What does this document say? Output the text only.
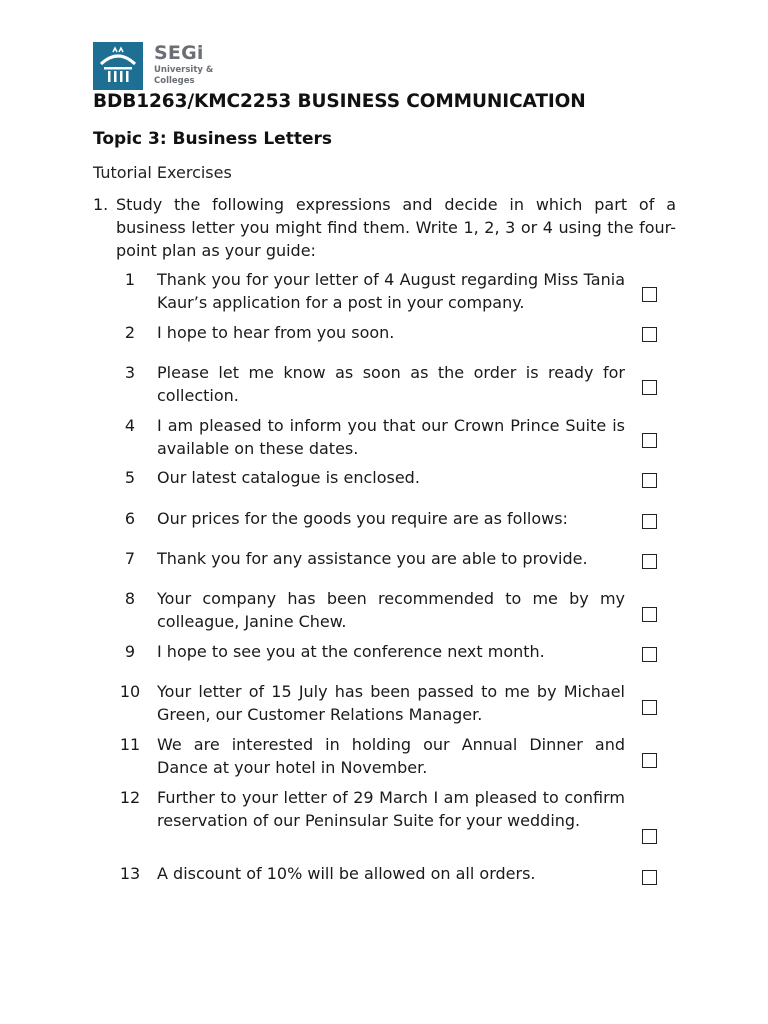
SEGi
University &
Colleges
BDB1263/KMC2253 BUSINESS COMMUNICATION
Topic 3: Business Letters
Tutorial Exercises
1. Study the following expressions and decide in which part of a business letter you might find them. Write 1, 2, 3 or 4 using the four-point plan as your guide:
1	Thank you for your letter of 4 August regarding Miss Tania Kaur’s application for a post in your company.
2	I hope to hear from you soon.
3	Please let me know as soon as the order is ready for collection.
4	I am pleased to inform you that our Crown Prince Suite is available on these dates.
5	Our latest catalogue is enclosed.
6	Our prices for the goods you require are as follows:
7	Thank you for any assistance you are able to provide.
8	Your company has been recommended to me by my colleague, Janine Chew.
9	I hope to see you at the conference next month.
10 Your letter of 15 July has been passed to me by Michael Green, our Customer Relations Manager.
11 We are interested in holding our Annual Dinner and Dance at your hotel in November.
12 Further to your letter of 29 March I am pleased to confirm reservation of our Peninsular Suite for your wedding.
13 A discount of 10% will be allowed on all orders.
